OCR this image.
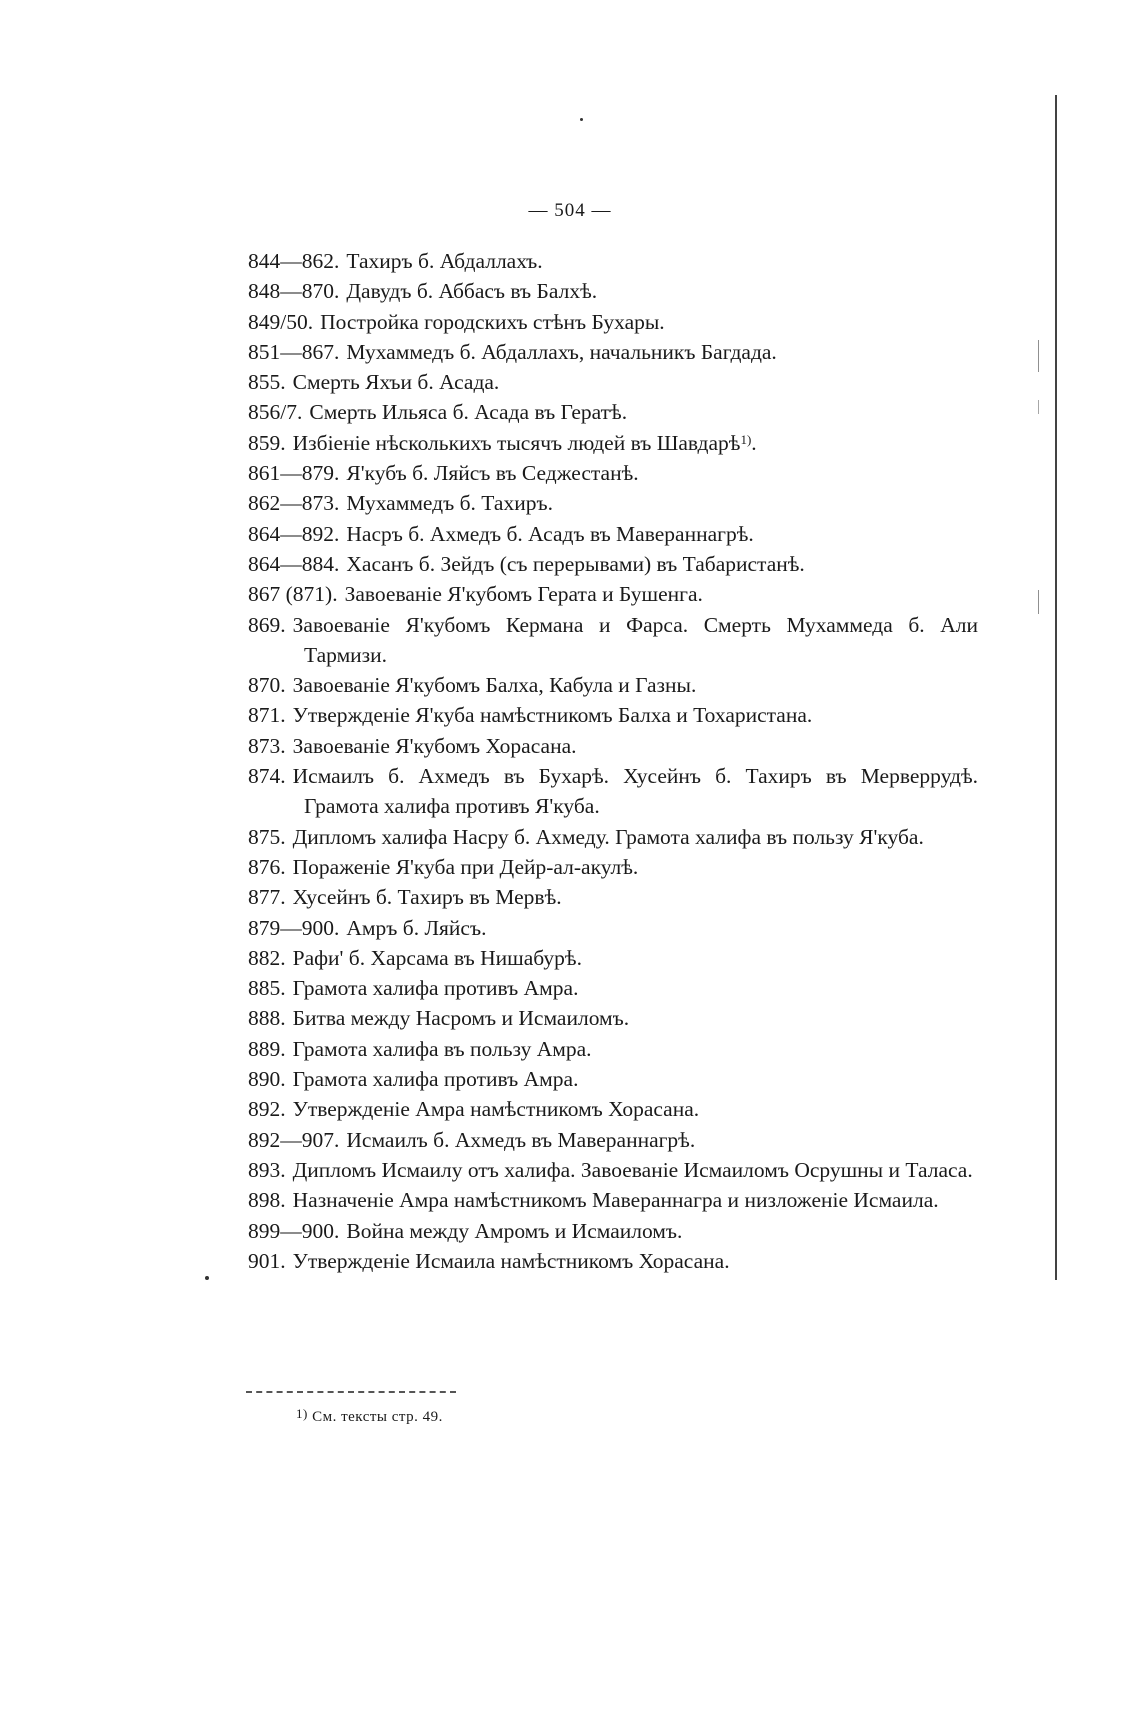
— 504 —
844—862. Тахиръ б. Абдаллахъ.
848—870. Давудъ б. Аббасъ въ Балхѣ.
849/50. Постройка городскихъ стѣнъ Бухары.
851—867. Мухаммедъ б. Абдаллахъ, начальникъ Багдада.
855. Смерть Яхъи б. Асада.
856/7. Смерть Ильяса б. Асада въ Гератѣ.
859. Избіеніе нѣсколькихъ тысячъ людей въ Шавдарѣ$^{1)}$.
861—879. Я'кубъ б. Ляйсъ въ Седжестанѣ.
862—873. Мухаммедъ б. Тахиръ.
864—892. Насръ б. Ахмедъ б. Асадъ въ Мавераннагрѣ.
864—884. Хасанъ б. Зейдъ (съ перерывами) въ Табаристанѣ.
867 (871). Завоеваніе Я'кубомъ Герата и Бушенга.
869. Завоеваніе Я'кубомъ Кермана и Фарса. Смерть Мухаммеда б. Али Тармизи.
870. Завоеваніе Я'кубомъ Балха, Кабула и Газны.
871. Утвержденіе Я'куба намѣстникомъ Балха и Тохаристана.
873. Завоеваніе Я'кубомъ Хорасана.
874. Исмаилъ б. Ахмедъ въ Бухарѣ. Хусейнъ б. Тахиръ въ Мерверрудѣ. Грамота халифа противъ Я'куба.
875. Дипломъ халифа Насру б. Ахмеду. Грамота халифа въ пользу Я'куба.
876. Пораженіе Я'куба при Дейр-ал-акулѣ.
877. Хусейнъ б. Тахиръ въ Мервѣ.
879—900. Амръ б. Ляйсъ.
882. Рафи' б. Харсама въ Нишабурѣ.
885. Грамота халифа противъ Амра.
888. Битва между Насромъ и Исмаиломъ.
889. Грамота халифа въ пользу Амра.
890. Грамота халифа противъ Амра.
892. Утвержденіе Амра намѣстникомъ Хорасана.
892—907. Исмаилъ б. Ахмедъ въ Мавераннагрѣ.
893. Дипломъ Исмаилу отъ халифа. Завоеваніе Исмаиломъ Осрушны и Таласа.
898. Назначеніе Амра намѣстникомъ Мавераннагра и низложеніе Исмаила.
899—900. Война между Амромъ и Исмаиломъ.
901. Утвержденіе Исмаила намѣстникомъ Хорасана.
$^{1)}$ См. тексты стр. 49.
